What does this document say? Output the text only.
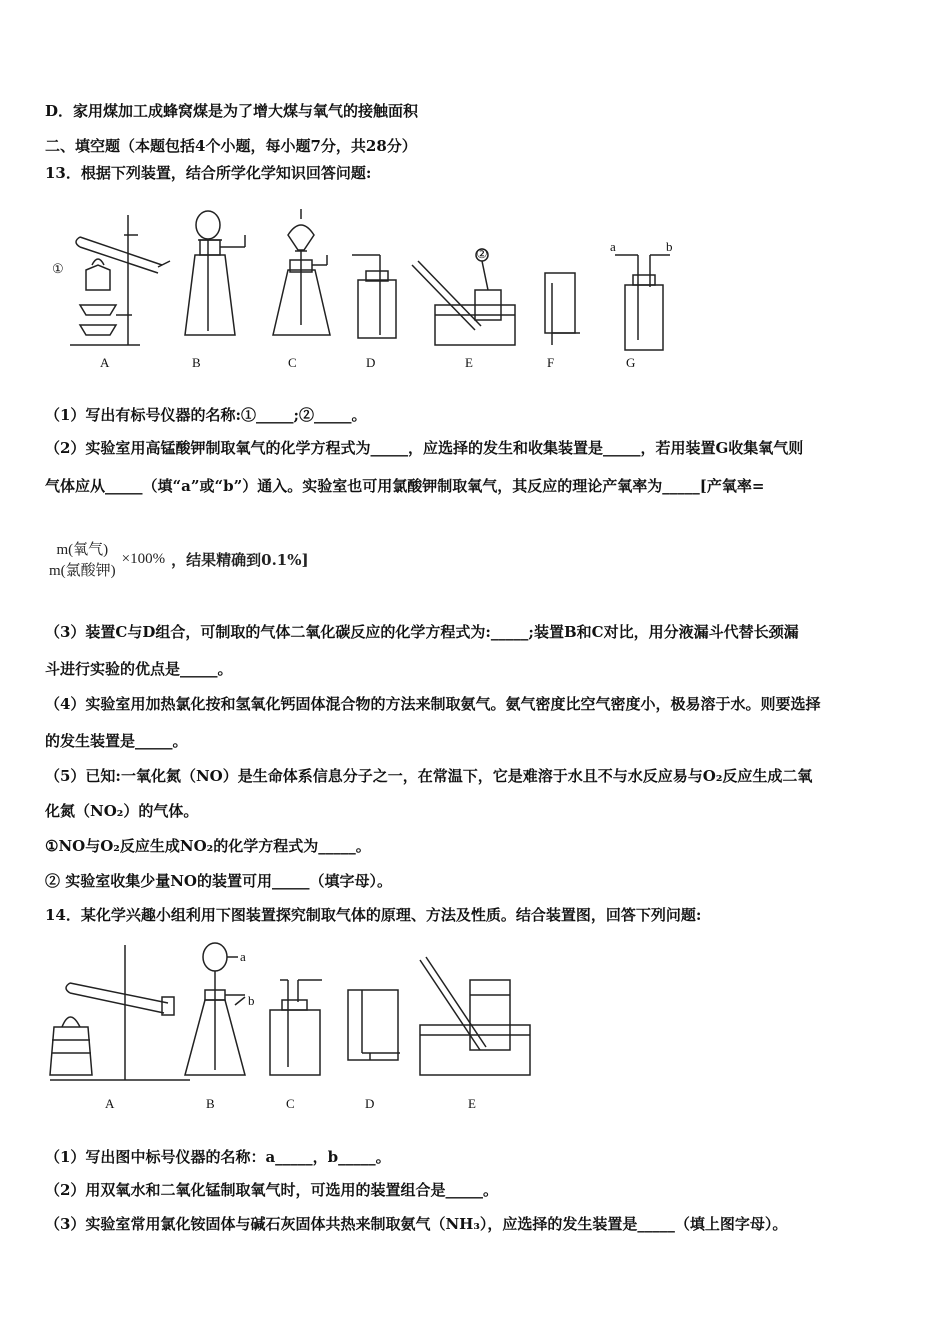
D．家用煤加工成蜂窝煤是为了增大煤与氧气的接触面积
二、填空题（本题包括4个小题，每小题7分，共28分）
13．根据下列装置，结合所学化学知识回答问题:
①
②	a	b
A	B	C	D	E	F	G
（1）写出有标号仪器的名称:①_____;②_____。
（2）实验室用高锰酸钾制取氧气的化学方程式为_____，应选择的发生和收集装置是_____，若用装置G收集氧气则
气体应从_____（填“a”或“b”）通入。实验室也可用氯酸钾制取氧气，其反应的理论产氧率为_____[产氧率=
m(氧气)
m(氯酸钾)
×100% ，结果精确到0.1%]
（3）装置C与D组合，可制取的气体二氧化碳反应的化学方程式为:_____;装置B和C对比，用分液漏斗代替长颈漏
斗进行实验的优点是_____。
（4）实验室用加热氯化按和氢氧化钙固体混合物的方法来制取氨气。氨气密度比空气密度小，极易溶于水。则要选择
的发生装置是_____。
（5）已知:一氧化氮（NO）是生命体系信息分子之一，在常温下，它是难溶于水且不与水反应易与O₂反应生成二氧
化氮（NO₂）的气体。
①NO与O₂反应生成NO₂的化学方程式为_____。
② 实验室收集少量NO的装置可用_____（填字母）。
14．某化学兴趣小组利用下图装置探究制取气体的原理、方法及性质。结合装置图，回答下列问题:
a
b
A	B	C	D	E
（1）写出图中标号仪器的名称：a_____，b_____。
（2）用双氧水和二氧化锰制取氧气时，可选用的装置组合是_____。
（3）实验室常用氯化铵固体与碱石灰固体共热来制取氨气（NH₃），应选择的发生装置是_____（填上图字母）。
